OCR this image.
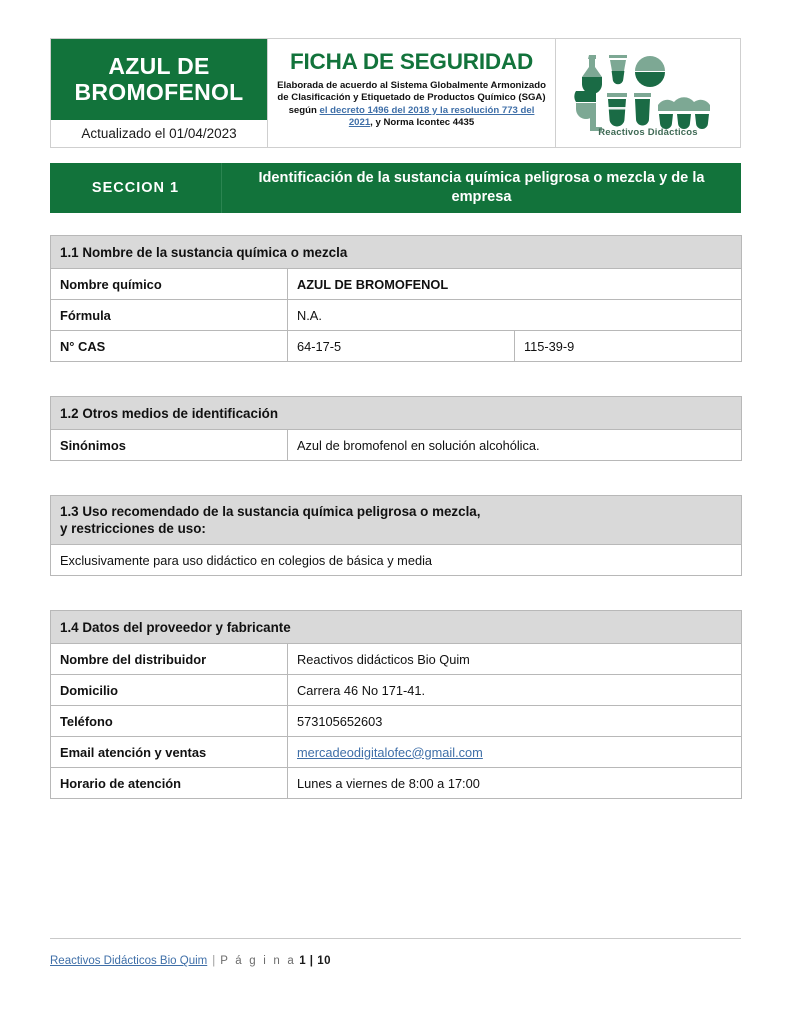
AZUL DE BROMOFENOL
Actualizado el 01/04/2023
FICHA DE SEGURIDAD
Elaborada de acuerdo al Sistema Globalmente Armonizado de Clasificación y Etiquetado de Productos Químico (SGA) según el decreto 1496 del 2018 y la resolución 773 del 2021, y Norma Icontec 4435
Reactivos Didácticos
SECCION 1
Identificación de la sustancia química peligrosa o mezcla y de la empresa
1.1 Nombre de la sustancia química o mezcla		
Nombre químico	AZUL DE BROMOFENOL	
Fórmula	N.A.	
N° CAS	64-17-5	115-39-9
1.2 Otros medios de identificación
Sinónimos	Azul de bromofenol en solución alcohólica.
1.3 Uso recomendado de la sustancia química peligrosa o mezcla,
y restricciones de uso:
Exclusivamente para uso didáctico en colegios de básica y media
1.4 Datos del proveedor y fabricante	
Nombre del distribuidor	Reactivos didácticos Bio Quim
Domicilio	Carrera 46 No 171-41.
Teléfono	573105652603
Email atención y ventas	mercadeodigitalofec@gmail.com
Horario de atención	Lunes a viernes de 8:00 a 17:00
Reactivos Didácticos Bio Quim | P á g i n a 1 | 10
